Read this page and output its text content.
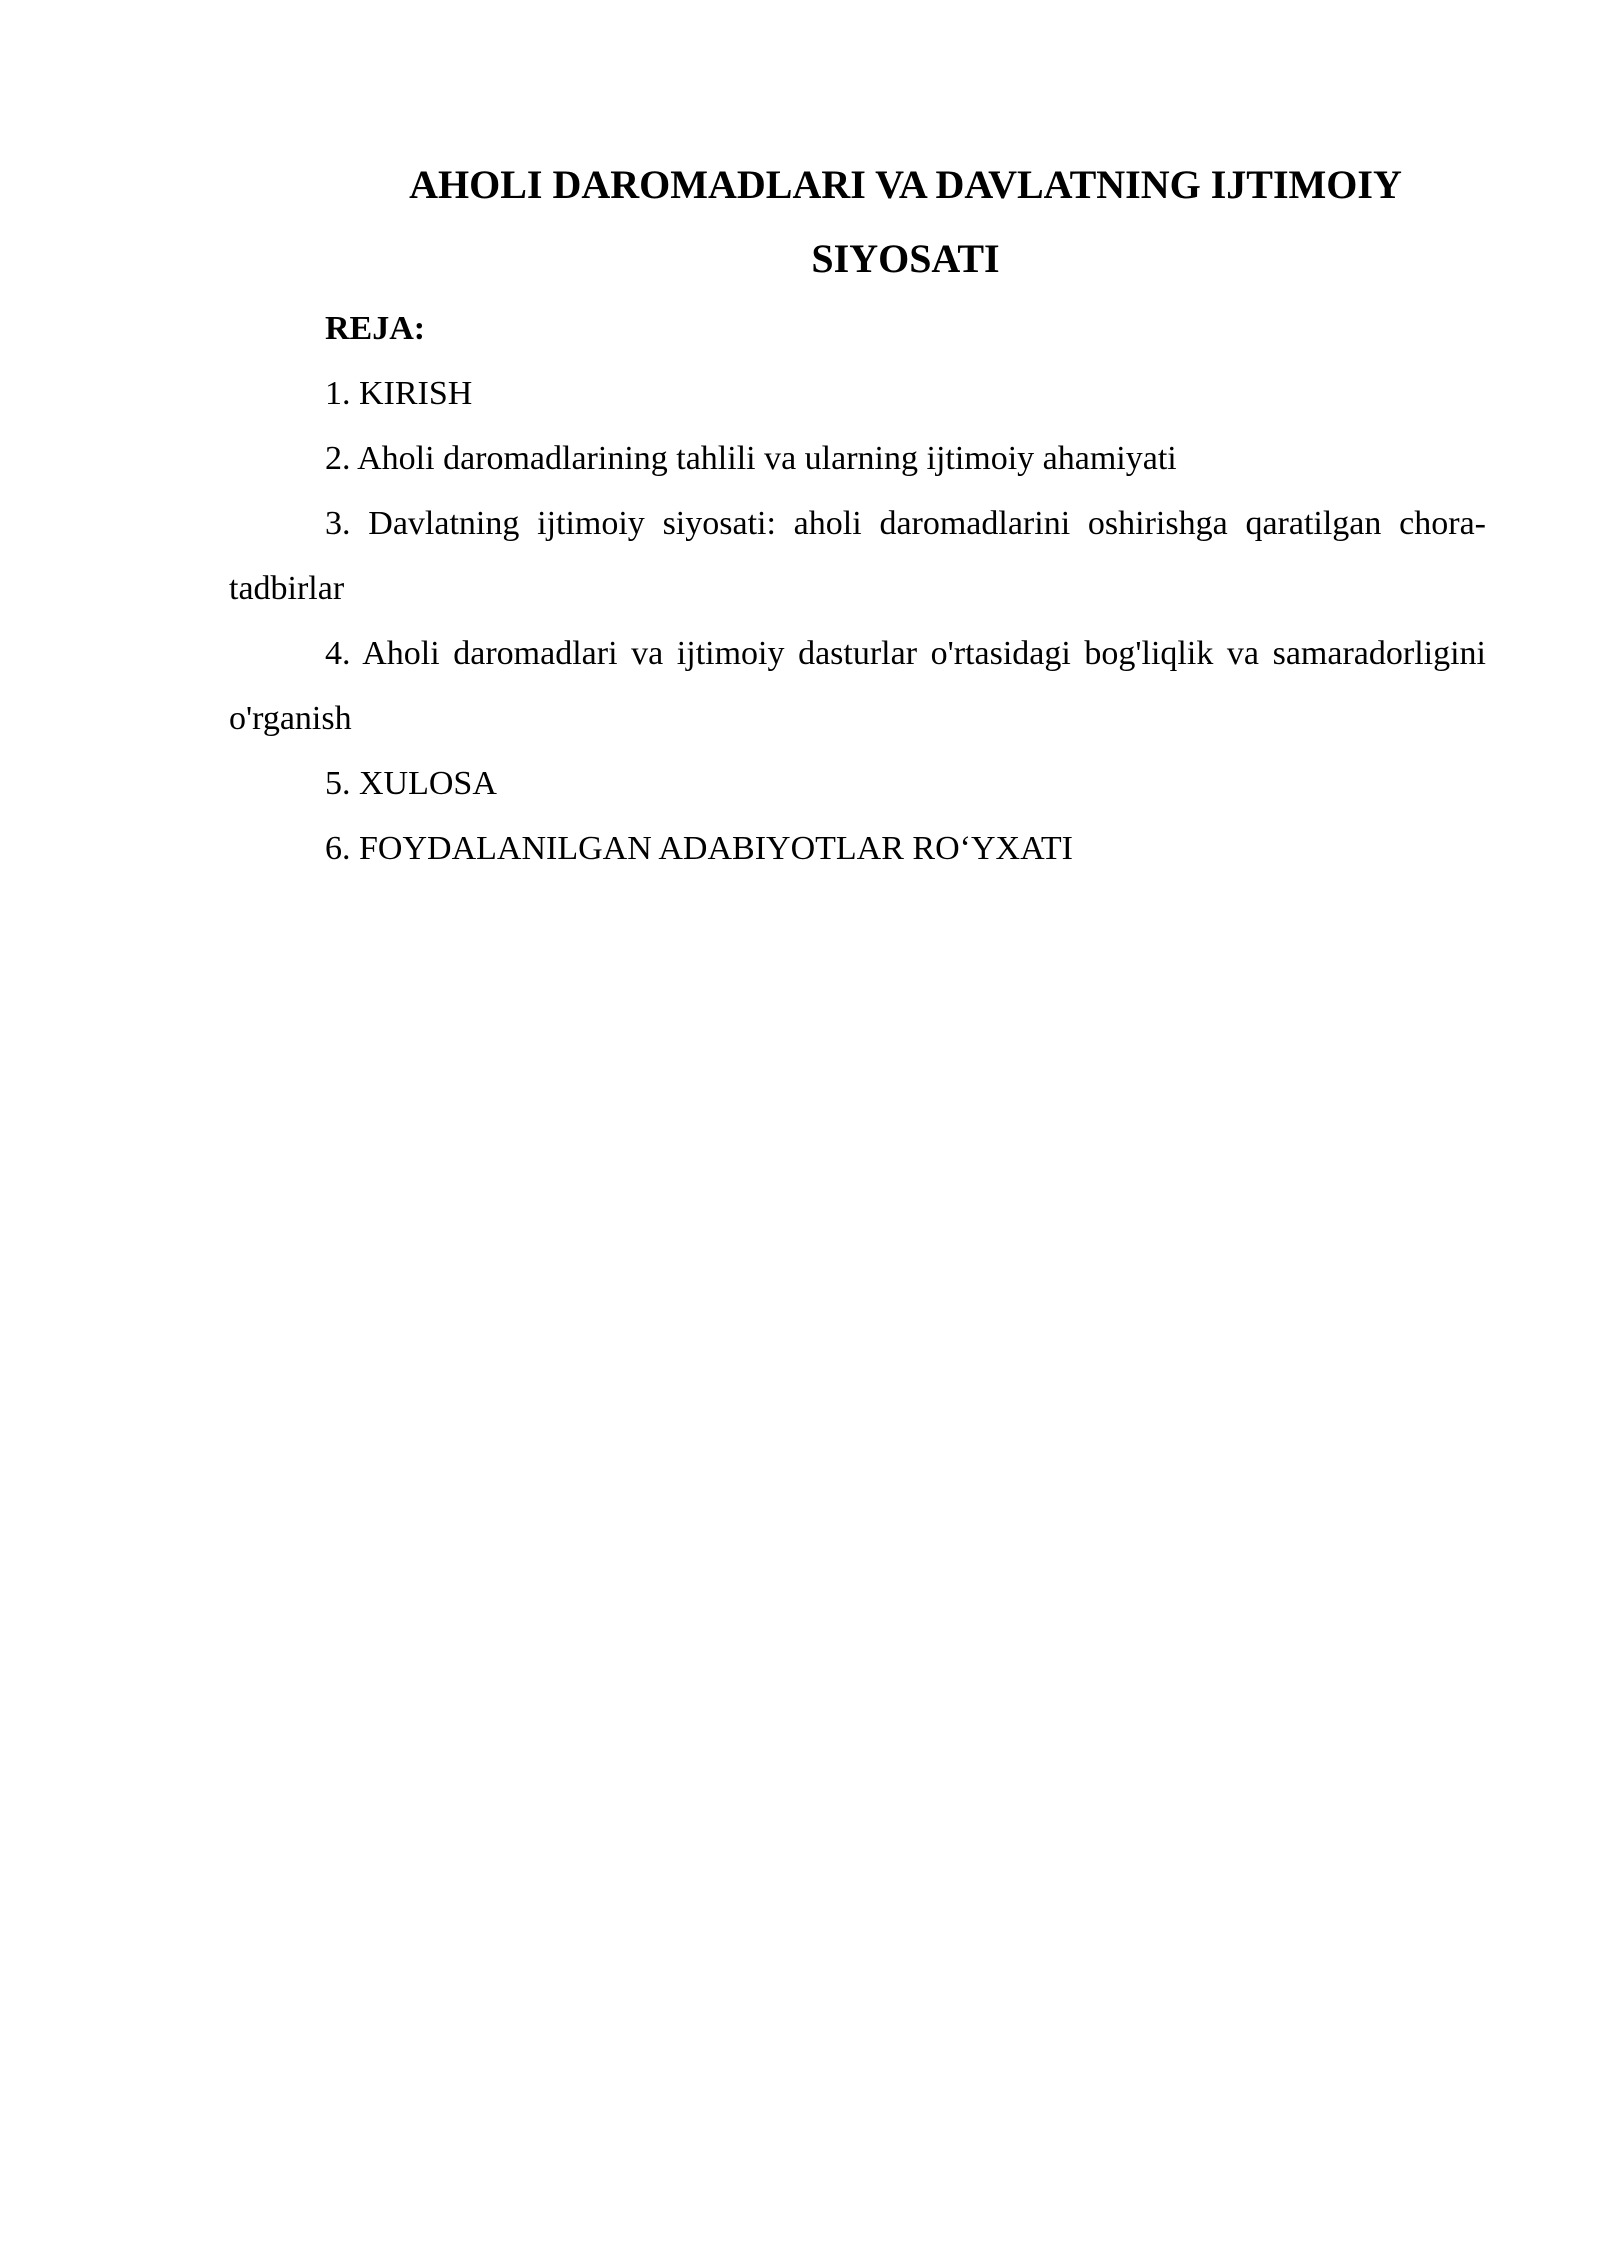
AHOLI DAROMADLARI VA DAVLATNING IJTIMOIY
SIYOSATI

REJA:

1. KIRISH

2. Aholi daromadlarining tahlili va ularning ijtimoiy ahamiyati

3. Davlatning ijtimoiy siyosati: aholi daromadlarini oshirishga qaratilgan chora-tadbirlar

4. Aholi daromadlari va ijtimoiy dasturlar o'rtasidagi bog'liqlik va samaradorligini o'rganish

5. XULOSA

6. FOYDALANILGAN ADABIYOTLAR RO‘YXATI
